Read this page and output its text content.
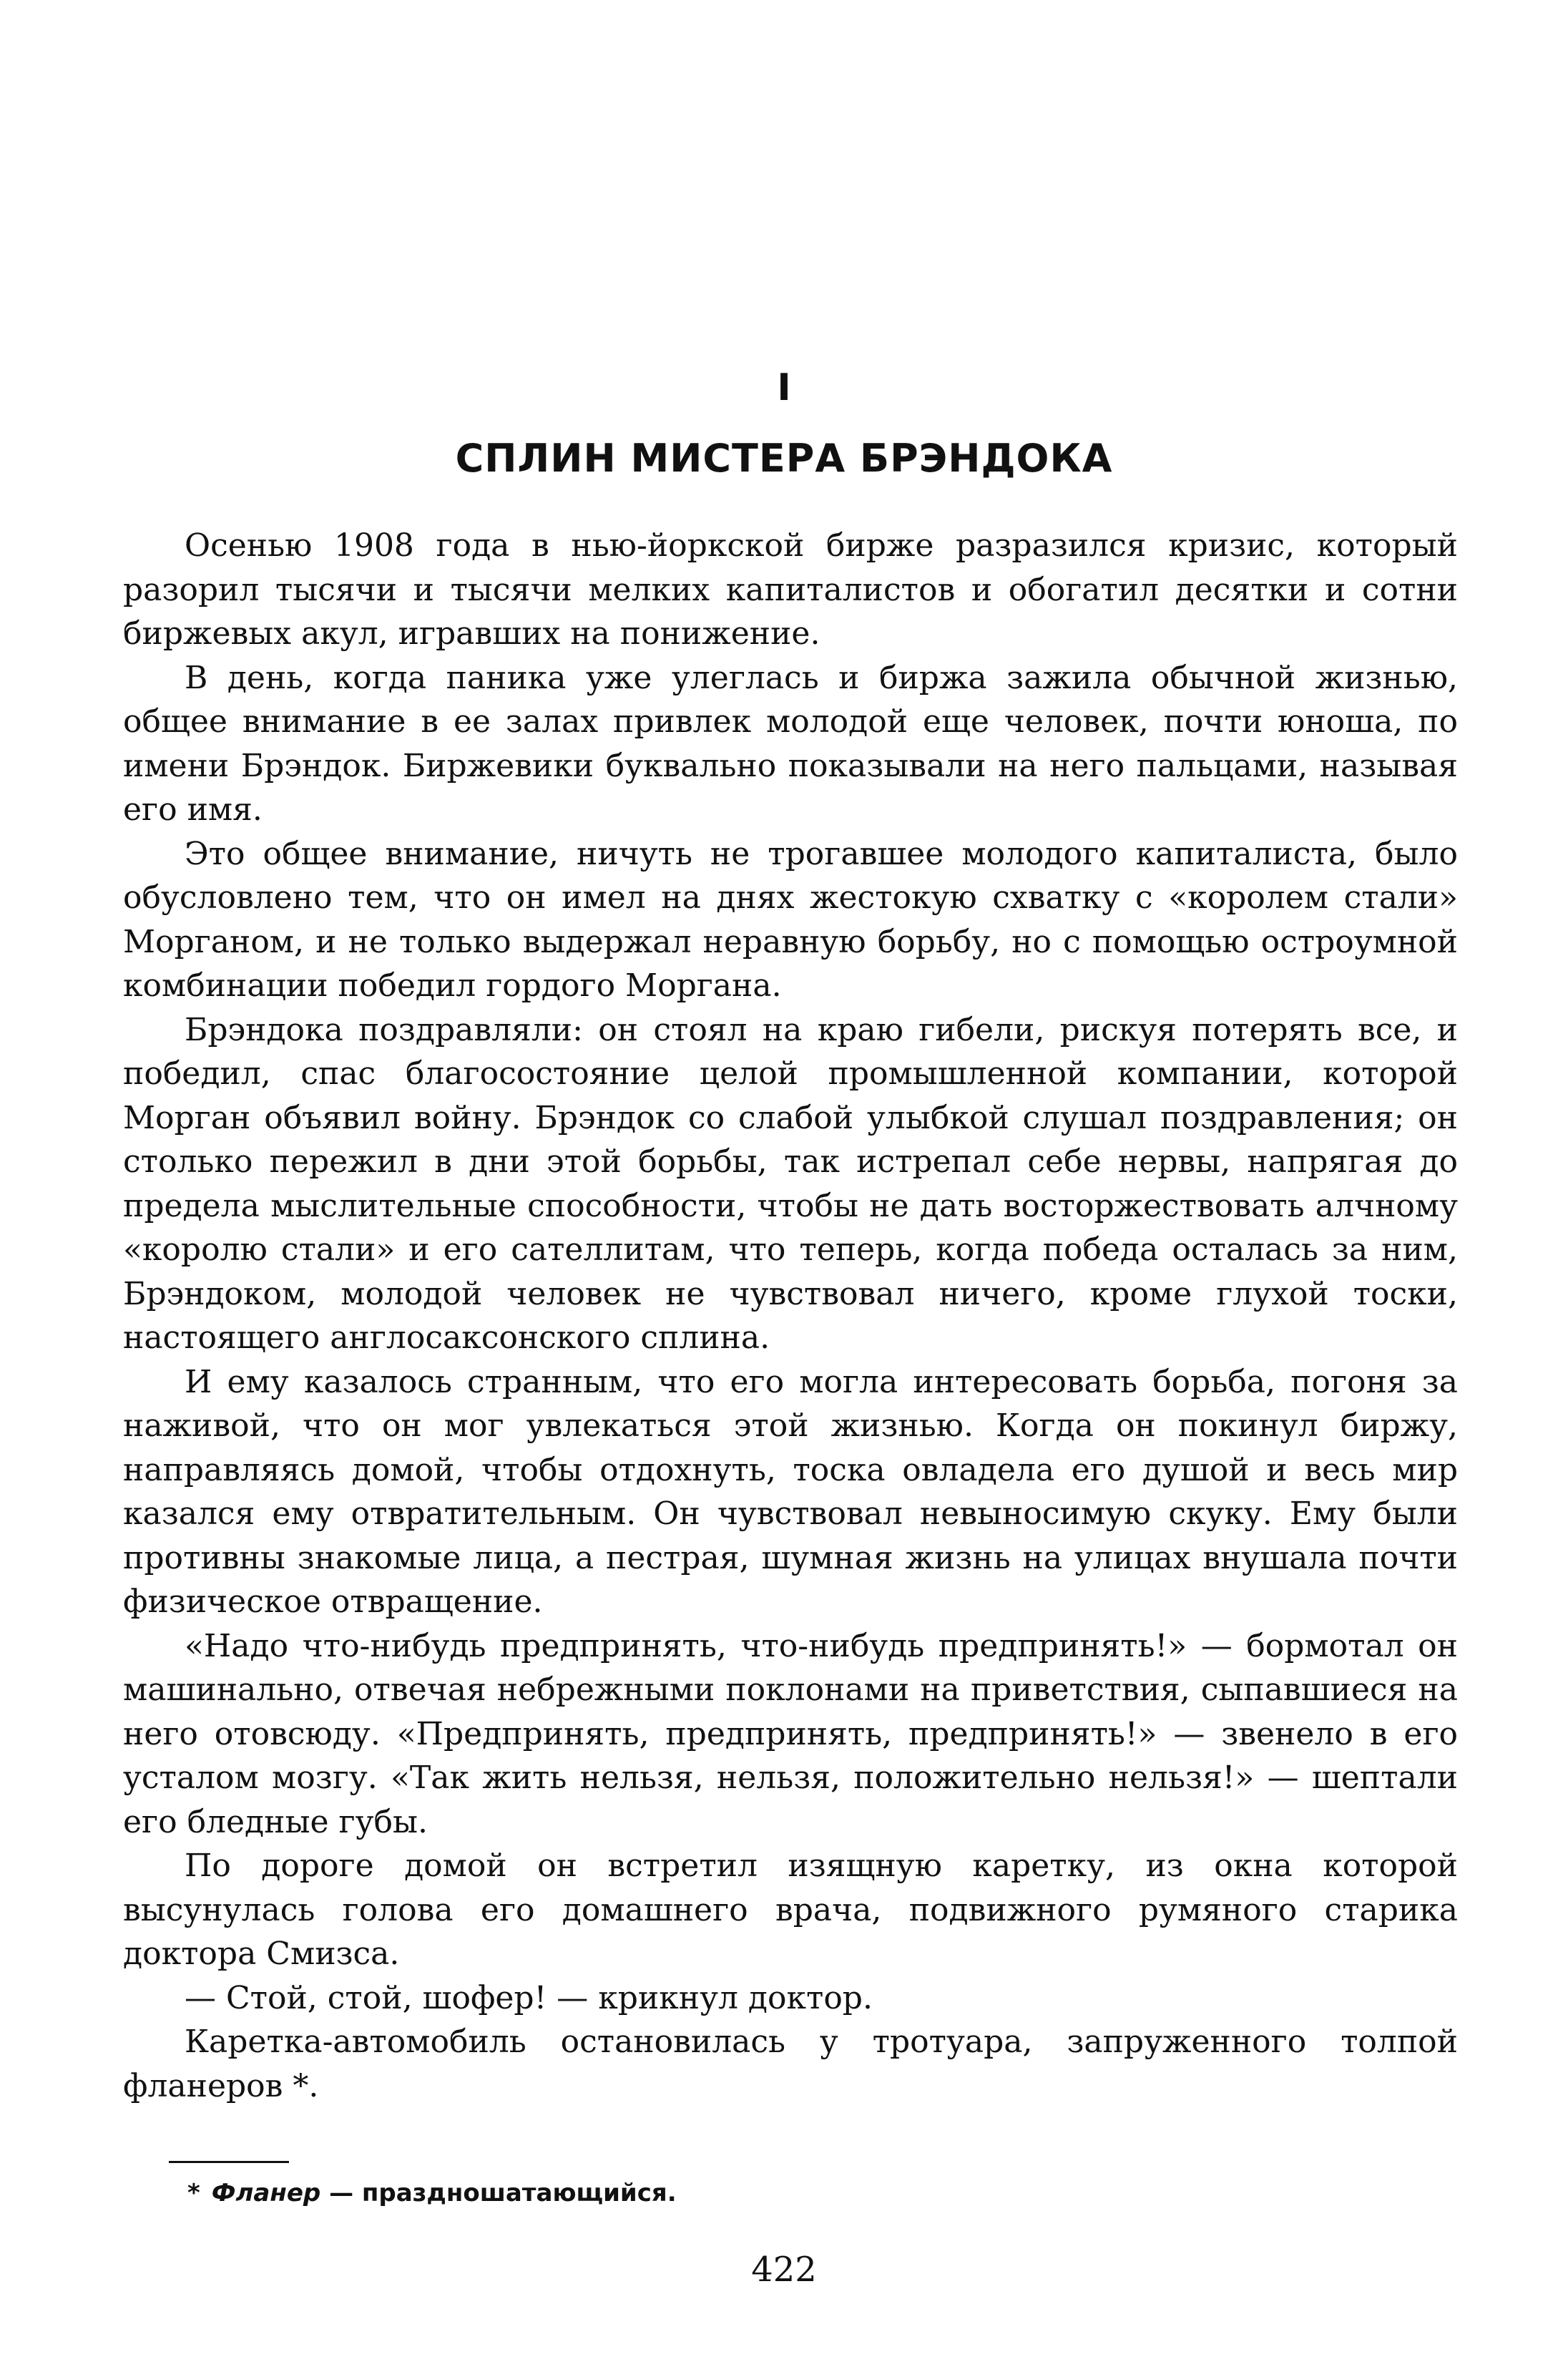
I
СПЛИН МИСТЕРА БРЭНДОКА

Осенью 1908 года в нью-йоркской бирже разразился кризис, который разорил тысячи и тысячи мелких капиталистов и обогатил десятки и сотни биржевых акул, игравших на понижение.

В день, когда паника уже улеглась и биржа зажила обычной жизнью, общее внимание в ее залах привлек молодой еще человек, почти юноша, по имени Брэндок. Биржевики буквально показывали на него пальцами, называя его имя.

Это общее внимание, ничуть не трогавшее молодого капиталиста, было обусловлено тем, что он имел на днях жестокую схватку с «королем стали» Морганом, и не только выдержал неравную борьбу, но с помощью остроумной комбинации победил гордого Моргана.

Брэндока поздравляли: он стоял на краю гибели, рискуя потерять все, и победил, спас благосостояние целой промышленной компании, которой Морган объявил войну. Брэндок со слабой улыбкой слушал поздравления; он столько пережил в дни этой борьбы, так истрепал себе нервы, напрягая до предела мыслительные способности, чтобы не дать восторжествовать алчному «королю стали» и его сателлитам, что теперь, когда победа осталась за ним, Брэндоком, молодой человек не чувствовал ничего, кроме глухой тоски, настоящего англосаксонского сплина.

И ему казалось странным, что его могла интересовать борьба, погоня за наживой, что он мог увлекаться этой жизнью. Когда он покинул биржу, направляясь домой, чтобы отдохнуть, тоска овладела его душой и весь мир казался ему отвратительным. Он чувствовал невыносимую скуку. Ему были противны знакомые лица, а пестрая, шумная жизнь на улицах внушала почти физическое отвращение.

«Надо что-нибудь предпринять, что-нибудь предпринять!» — бормотал он машинально, отвечая небрежными поклонами на приветствия, сыпавшиеся на него отовсюду. «Предпринять, предпринять, предпринять!» — звенело в его усталом мозгу. «Так жить нельзя, нельзя, положительно нельзя!» — шептали его бледные губы.

По дороге домой он встретил изящную каретку, из окна которой высунулась голова его домашнего врача, подвижного румяного старика доктора Смизса.

— Стой, стой, шофер! — крикнул доктор.

Каретка-автомобиль остановилась у тротуара, запруженного толпой фланеров *.

* Фланер — праздношатающийся.
422
